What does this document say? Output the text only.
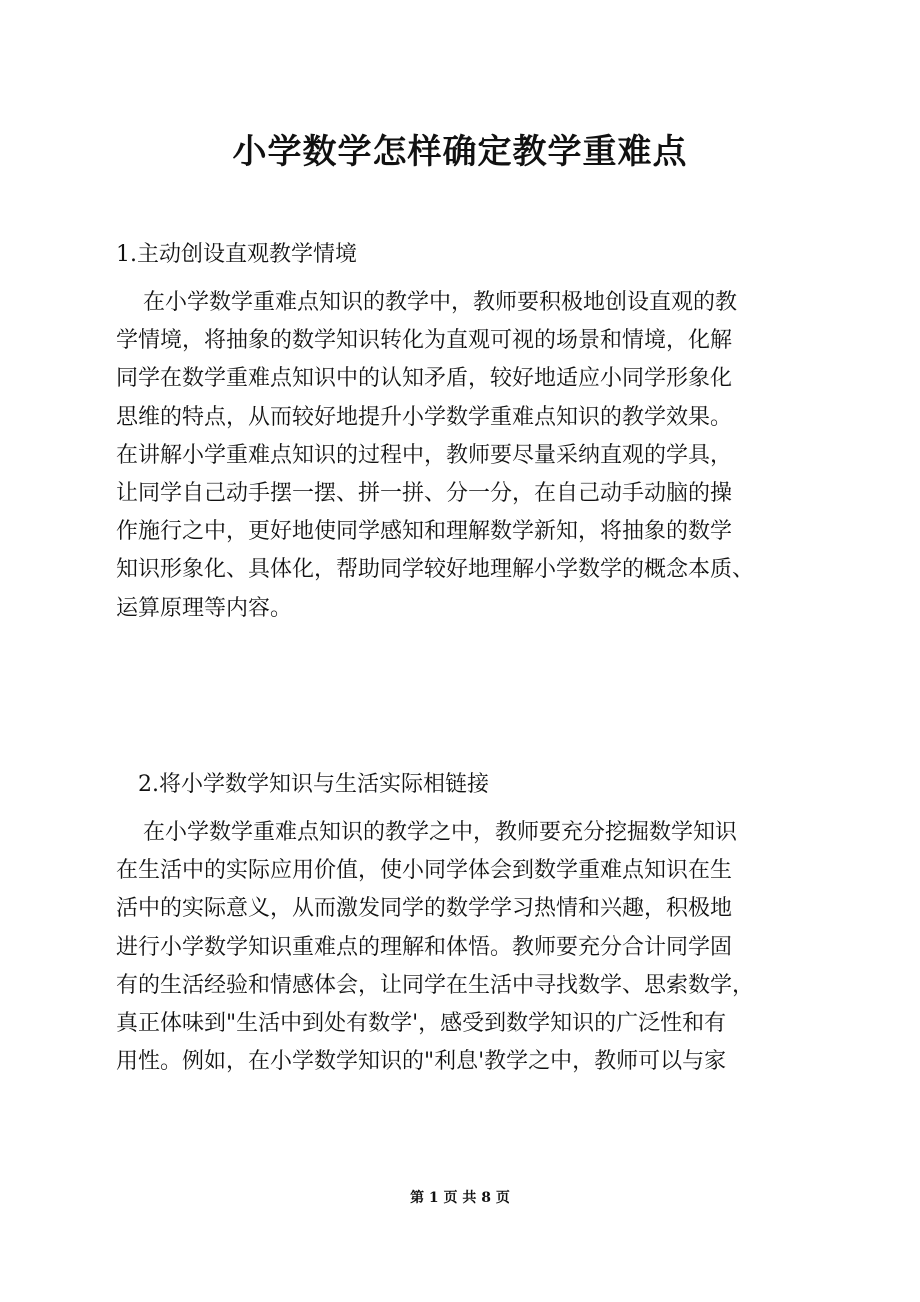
小学数学怎样确定教学重难点
1.主动创设直观教学情境
在小学数学重难点知识的教学中，教师要积极地创设直观的教
学情境，将抽象的数学知识转化为直观可视的场景和情境，化解
同学在数学重难点知识中的认知矛盾，较好地适应小同学形象化
思维的特点，从而较好地提升小学数学重难点知识的教学效果。
在讲解小学重难点知识的过程中，教师要尽量采纳直观的学具，
让同学自己动手摆一摆、拼一拼、分一分，在自己动手动脑的操
作施行之中，更好地使同学感知和理解数学新知，将抽象的数学
知识形象化、具体化，帮助同学较好地理解小学数学的概念本质、
运算原理等内容。
2.将小学数学知识与生活实际相链接
在小学数学重难点知识的教学之中，教师要充分挖掘数学知识
在生活中的实际应用价值，使小同学体会到数学重难点知识在生
活中的实际意义，从而激发同学的数学学习热情和兴趣，积极地
进行小学数学知识重难点的理解和体悟。教师要充分合计同学固
有的生活经验和情感体会，让同学在生活中寻找数学、思索数学，
真正体味到"生活中到处有数学'，感受到数学知识的广泛性和有
用性。例如，在小学数学知识的"利息'教学之中，教师可以与家
第 1 页 共 8 页
